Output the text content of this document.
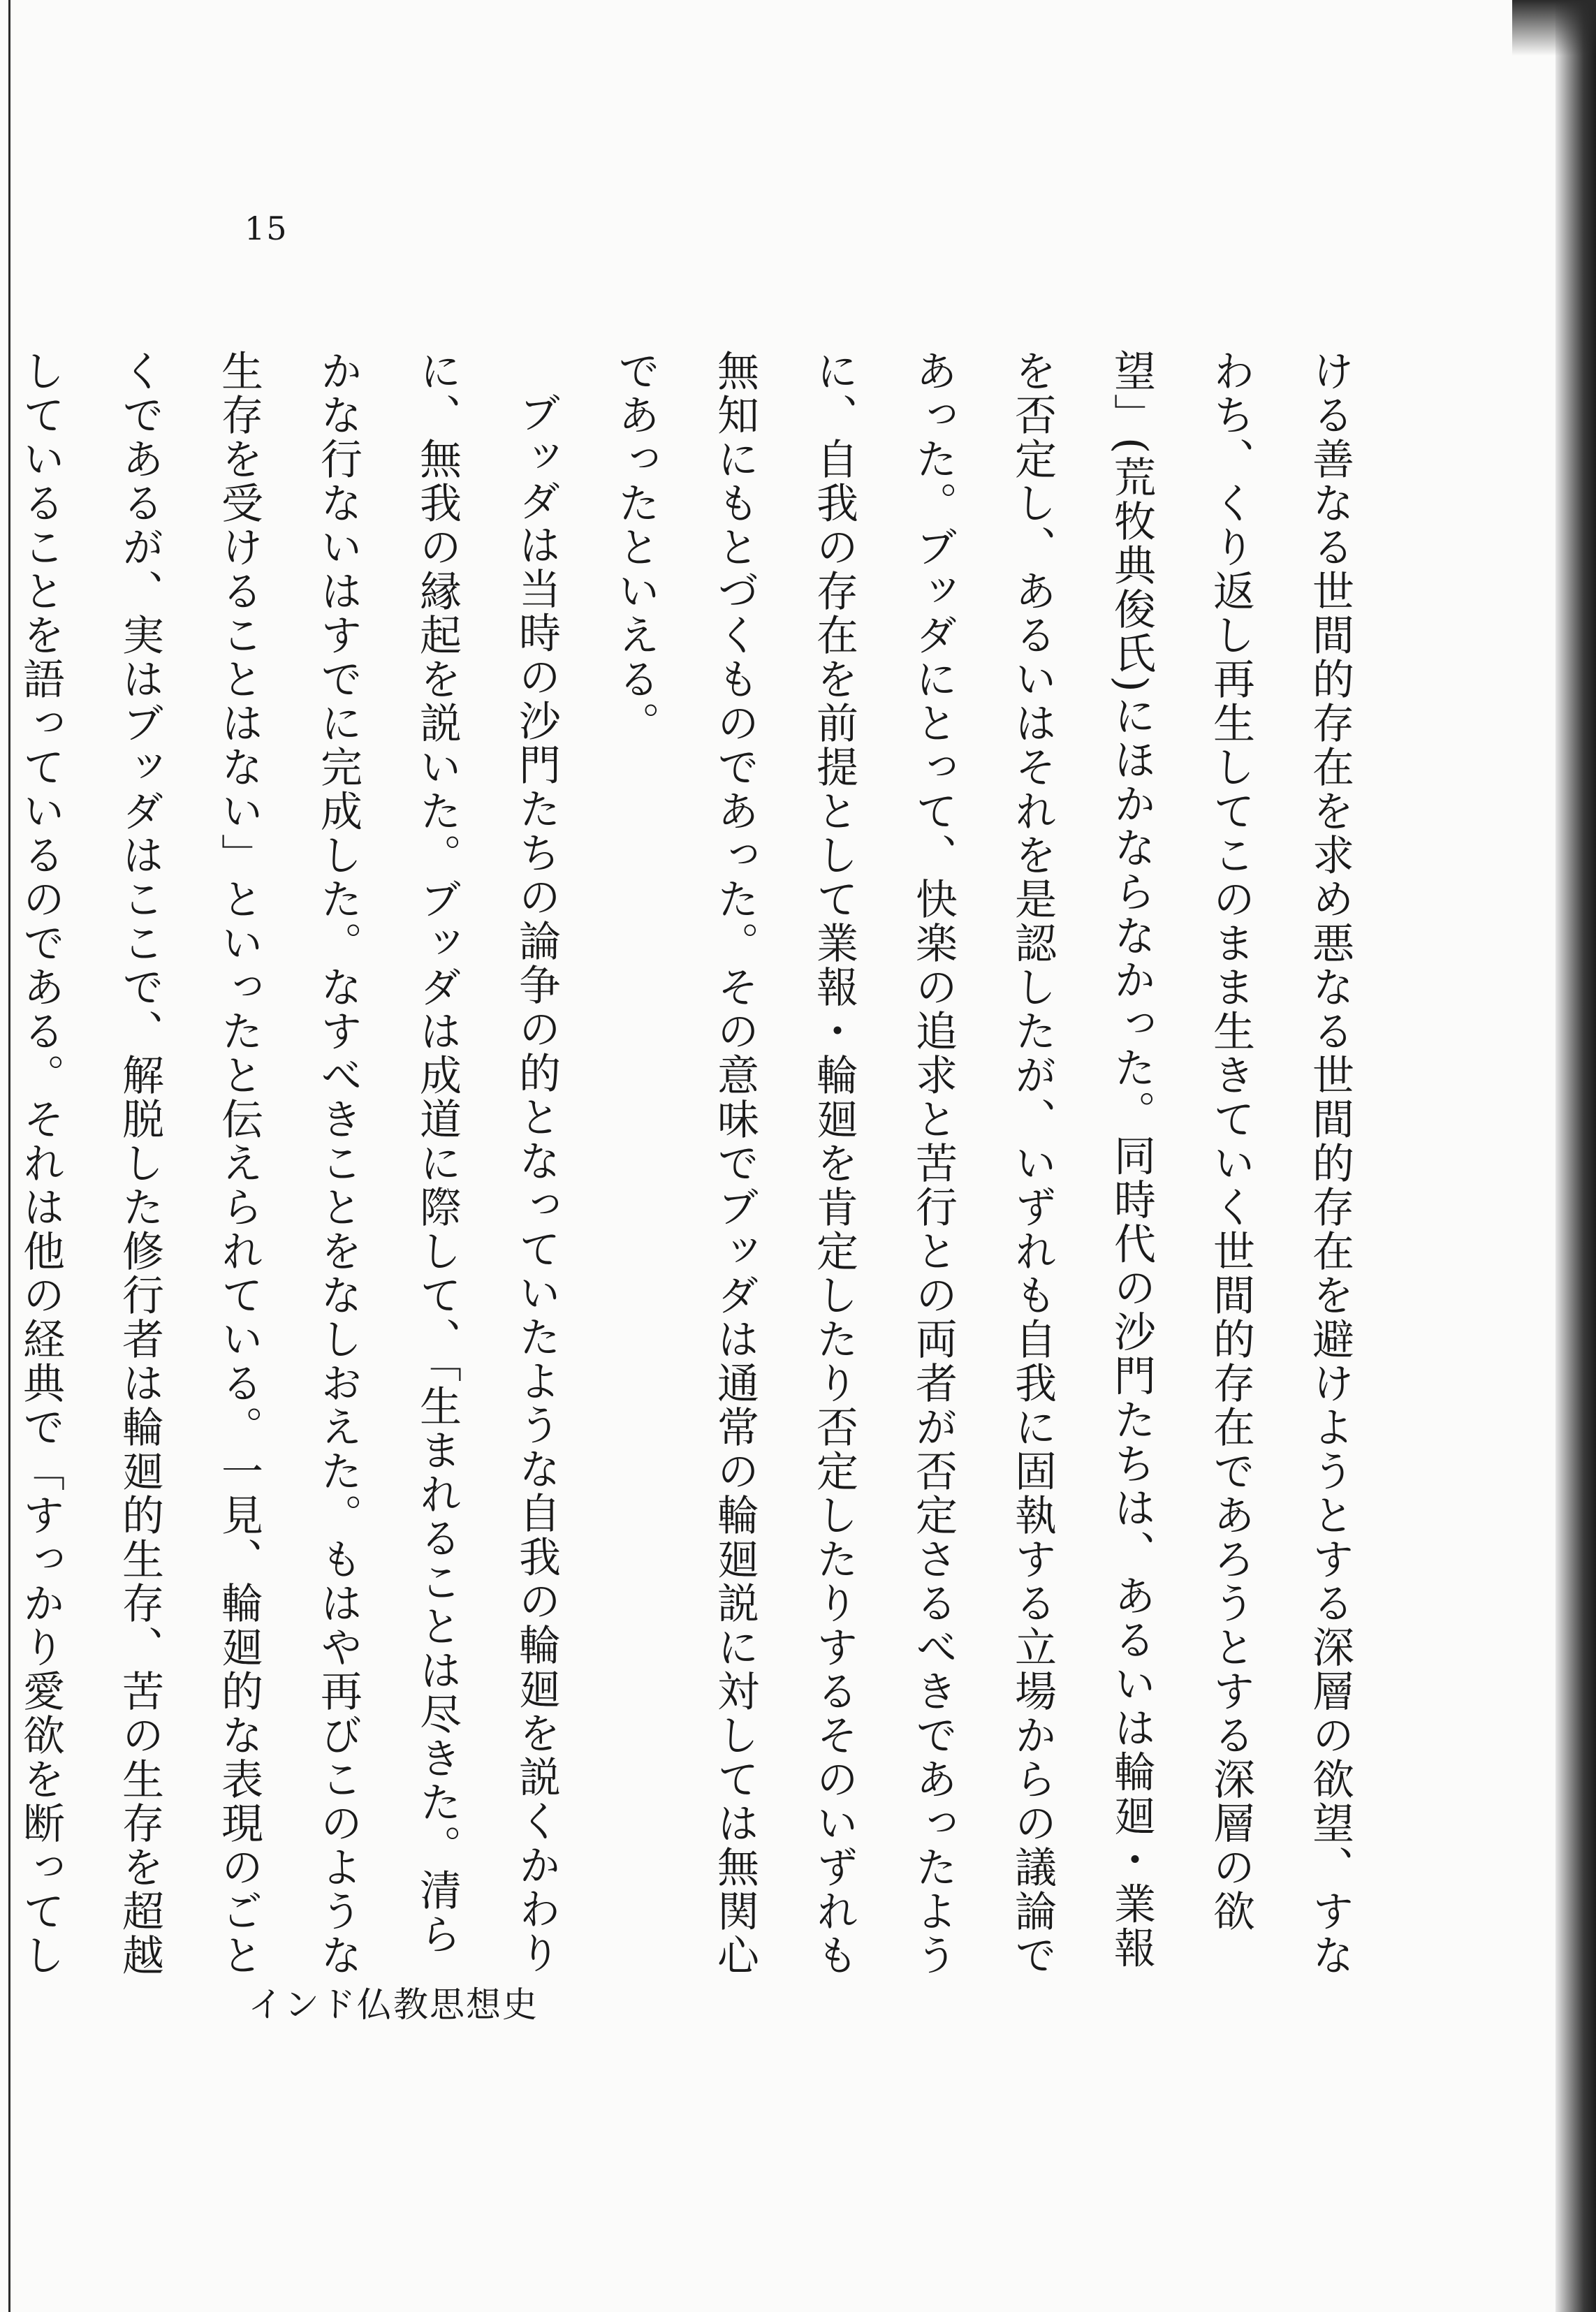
15

ける善なる世間的存在を求め悪なる世間的存在を避けようとする深層の欲望、すなわち、くり返し再生してこのまま生きていく世間的存在であろうとする深層の欲望」(荒牧典俊氏)にほかならなかった。同時代の沙門たちは、あるいは輪廻・業報を否定し、あるいはそれを是認したが、いずれも自我に固執する立場からの議論であった。ブッダにとって、快楽の追求と苦行との両者が否定さるべきであったように、自我の存在を前提として業報・輪廻を肯定したり否定したりするそのいずれも無知にもとづくものであった。その意味でブッダは通常の輪廻説に対しては無関心であったといえる。

ブッダは当時の沙門たちの論争の的となっていたような自我の輪廻を説くかわりに、無我の縁起を説いた。ブッダは成道に際して、「生まれることは尽きた。清らかな行ないはすでに完成した。なすべきことをなしおえた。もはや再びこのような生存を受けることはない」といったと伝えられている。一見、輪廻的な表現のごとくであるが、実はブッダはここで、解脱した修行者は輪廻的生存、苦の生存を超越していることを語っているのである。それは他の経典で「すっかり愛欲を断ってし

インド仏教思想史
